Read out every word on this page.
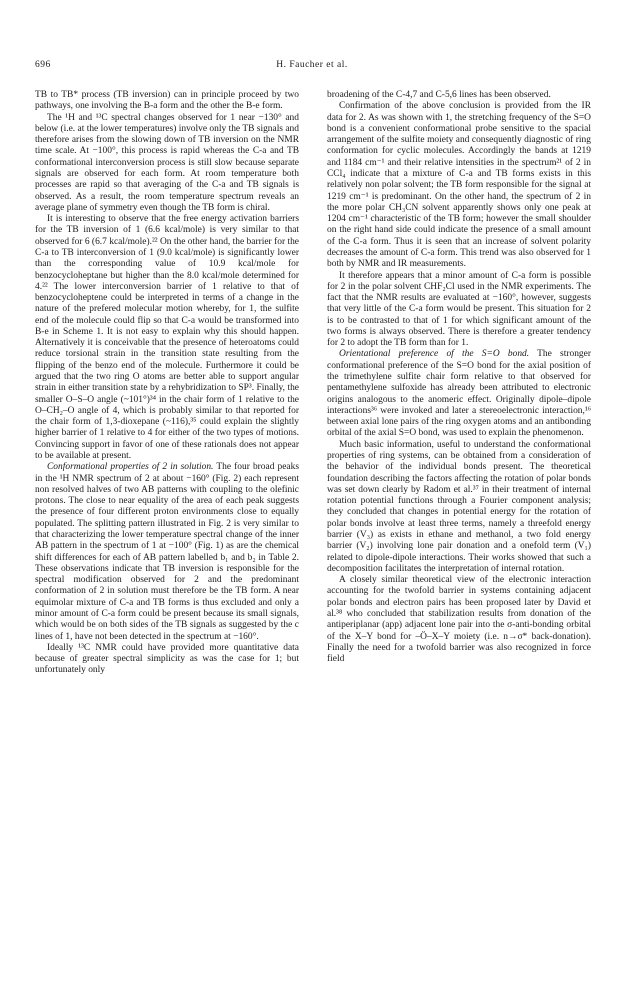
696	H. Faucher et al.

TB to TB* process (TB inversion) can in principle proceed by two pathways, one involving the B-a form and the other the B-e form.

The ¹H and ¹³C spectral changes observed for 1 near −130° and below (i.e. at the lower temperatures) involve only the TB signals and therefore arises from the slowing down of TB inversion on the NMR time scale. At −100°, this process is rapid whereas the C-a and TB conformational interconversion process is still slow because separate signals are observed for each form. At room temperature both processes are rapid so that averaging of the C-a and TB signals is observed. As a result, the room temperature spectrum reveals an average plane of symmetry even though the TB form is chiral.

It is interesting to observe that the free energy activation barriers for the TB inversion of 1 (6.6 kcal/mole) is very similar to that observed for 6 (6.7 kcal/mole).²² On the other hand, the barrier for the C-a to TB interconversion of 1 (9.0 kcal/mole) is significantly lower than the corresponding value of 10.9 kcal/mole for benzocycloheptane but higher than the 8.0 kcal/mole determined for 4.²² The lower interconversion barrier of 1 relative to that of benzocycloheptene could be interpreted in terms of a change in the nature of the prefered molecular motion whereby, for 1, the sulfite end of the molecule could flip so that C-a would be transformed into B-e in Scheme 1. It is not easy to explain why this should happen. Alternatively it is conceivable that the presence of heteroatoms could reduce torsional strain in the transition state resulting from the flipping of the benzo end of the molecule. Furthermore it could be argued that the two ring O atoms are better able to support angular strain in either transition state by a rehybridization to SP³. Finally, the smaller O–S–O angle (~101°)³⁴ in the chair form of 1 relative to the O–CH₂–O angle of 4, which is probably similar to that reported for the chair form of 1,3-dioxepane (~116),³⁵ could explain the slightly higher barrier of 1 relative to 4 for either of the two types of motions. Convincing support in favor of one of these rationals does not appear to be available at present.

Conformational properties of 2 in solution. The four broad peaks in the ¹H NMR spectrum of 2 at about −160° (Fig. 2) each represent non resolved halves of two AB patterns with coupling to the olefinic protons. The close to near equality of the area of each peak suggests the presence of four different proton environments close to equally populated. The splitting pattern illustrated in Fig. 2 is very similar to that characterizing the lower temperature spectral change of the inner AB pattern in the spectrum of 1 at −100° (Fig. 1) as are the chemical shift differences for each of AB pattern labelled b₁ and b₂ in Table 2. These observations indicate that TB inversion is responsible for the spectral modification observed for 2 and the predominant conformation of 2 in solution must therefore be the TB form. A near equimolar mixture of C-a and TB forms is thus excluded and only a minor amount of C-a form could be present because its small signals, which would be on both sides of the TB signals as suggested by the c lines of 1, have not been detected in the spectrum at −160°.

Ideally ¹³C NMR could have provided more quantitative data because of greater spectral simplicity as was the case for 1; but unfortunately only

broadening of the C-4,7 and C-5,6 lines has been observed.

Confirmation of the above conclusion is provided from the IR data for 2. As was shown with 1, the stretching frequency of the S=O bond is a convenient conformational probe sensitive to the spacial arrangement of the sulfite moiety and consequently diagnostic of ring conformation for cyclic molecules. Accordingly the bands at 1219 and 1184 cm⁻¹ and their relative intensities in the spectrum²¹ of 2 in CCl₄ indicate that a mixture of C-a and TB forms exists in this relatively non polar solvent; the TB form responsible for the signal at 1219 cm⁻¹ is predominant. On the other hand, the spectrum of 2 in the more polar CH₃CN solvent apparently shows only one peak at 1204 cm⁻¹ characteristic of the TB form; however the small shoulder on the right hand side could indicate the presence of a small amount of the C-a form. Thus it is seen that an increase of solvent polarity decreases the amount of C-a form. This trend was also observed for 1 both by NMR and IR measurements.

It therefore appears that a minor amount of C-a form is possible for 2 in the polar solvent CHF₂Cl used in the NMR experiments. The fact that the NMR results are evaluated at −160°, however, suggests that very little of the C-a form would be present. This situation for 2 is to be contrasted to that of 1 for which significant amount of the two forms is always observed. There is therefore a greater tendency for 2 to adopt the TB form than for 1.

Orientational preference of the S=O bond. The stronger conformational preference of the S=O bond for the axial position of the trimethylene sulfite chair form relative to that observed for pentamethylene sulfoxide has already been attributed to electronic origins analogous to the anomeric effect. Originally dipole–dipole interactions³⁶ were invoked and later a stereoelectronic interaction,¹⁶ between axial lone pairs of the ring oxygen atoms and an antibonding orbital of the axial S=O bond, was used to explain the phenomenon.

Much basic information, useful to understand the conformational properties of ring systems, can be obtained from a consideration of the behavior of the individual bonds present. The theoretical foundation describing the factors affecting the rotation of polar bonds was set down clearly by Radom et al.³⁷ in their treatment of internal rotation potential functions through a Fourier component analysis; they concluded that changes in potential energy for the rotation of polar bonds involve at least three terms, namely a threefold energy barrier (V₃) as exists in ethane and methanol, a two fold energy barrier (V₂) involving lone pair donation and a onefold term (V₁) related to dipole-dipole interactions. Their works showed that such a decomposition facilitates the interpretation of internal rotation.

A closely similar theoretical view of the electronic interaction accounting for the twofold barrier in systems containing adjacent polar bonds and electron pairs has been proposed later by David et al.³⁸ who concluded that stabilization results from donation of the antiperiplanar (app) adjacent lone pair into the σ-anti-bonding orbital of the X–Y bond for –Ö–X–Y moiety (i.e. n→σ* back-donation). Finally the need for a twofold barrier was also recognized in force field
